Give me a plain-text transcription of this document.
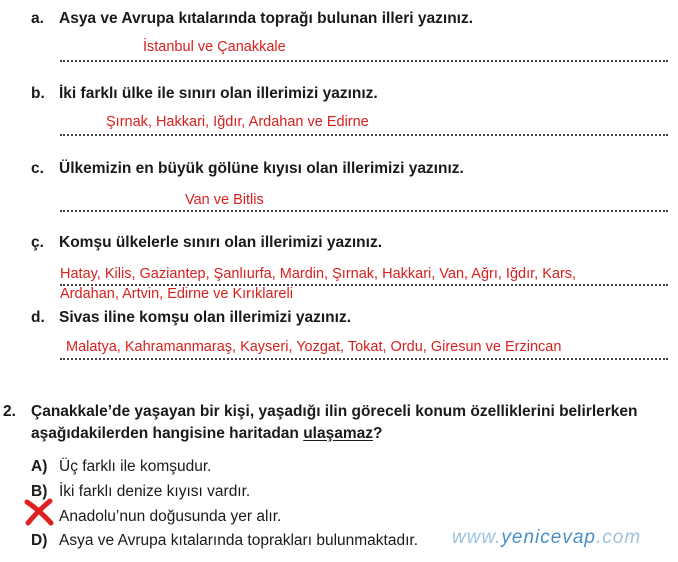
a. Asya ve Avrupa kıtalarında toprağı bulunan illeri yazınız.
İstanbul ve Çanakkale
b. İki farklı ülke ile sınırı olan illerimizi yazınız.
Şırnak, Hakkari, Iğdır, Ardahan ve Edirne
c. Ülkemizin en büyük gölüne kıyısı olan illerimizi yazınız.
Van ve Bitlis
ç. Komşu ülkelerle sınırı olan illerimizi yazınız.
Hatay, Kilis, Gaziantep, Şanlıurfa, Mardin, Şırnak, Hakkari, Van, Ağrı, Iğdır, Kars,
Ardahan, Artvin, Edirne ve Kırıklareli
d. Sivas iline komşu olan illerimizi yazınız.
Malatya, Kahramanmaraş, Kayseri, Yozgat, Tokat, Ordu, Giresun ve Erzincan
2. Çanakkale’de yaşayan bir kişi, yaşadığı ilin göreceli konum özelliklerini belirlerken
aşağıdakilerden hangisine haritadan ulaşamaz?
A) Üç farklı ile komşudur.
B) İki farklı denize kıyısı vardır.
Anadolu’nun doğusunda yer alır.
D) Asya ve Avrupa kıtalarında toprakları bulunmaktadır. www.yenicevap.com
